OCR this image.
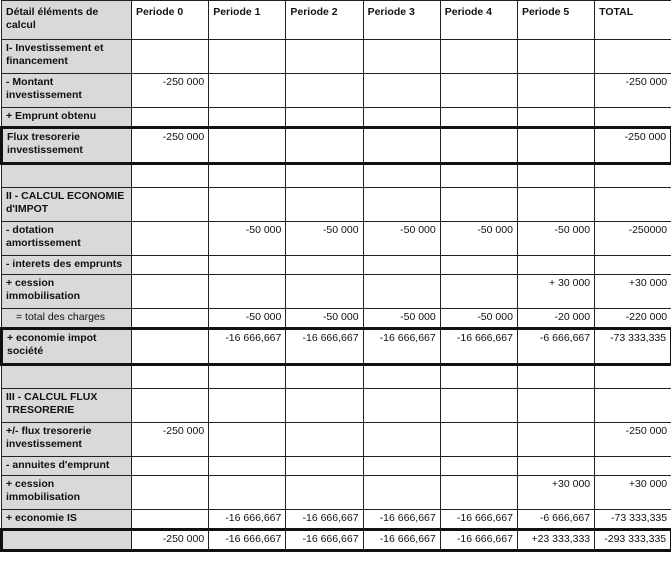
Détail éléments de calcul	Periode 0	Periode 1	Periode 2	Periode 3	Periode 4	Periode 5	TOTAL
I- Investissement et financement							
- Montant investissement	-250 000						-250 000
+ Emprunt obtenu							
Flux tresorerie investissement	-250 000						-250 000

II - CALCUL ECONOMIE d'IMPOT							
- dotation amortissement		-50 000	-50 000	-50 000	-50 000	-50 000	-250000
- interets des emprunts							
+ cession immobilisation						+ 30 000	+30 000
= total des charges		-50 000	-50 000	-50 000	-50 000	-20 000	-220 000
+ economie impot société		-16 666,667	-16 666,667	-16 666,667	-16 666,667	-6 666,667	-73 333,335

III - CALCUL FLUX TRESORERIE							
+/- flux tresorerie investissement	-250 000						-250 000
- annuites d'emprunt							
+ cession immobilisation						+30 000	+30 000
+ economie IS		-16 666,667	-16 666,667	-16 666,667	-16 666,667	-6 666,667	-73 333,335
	-250 000	-16 666,667	-16 666,667	-16 666,667	-16 666,667	+23 333,333	-293 333,335
